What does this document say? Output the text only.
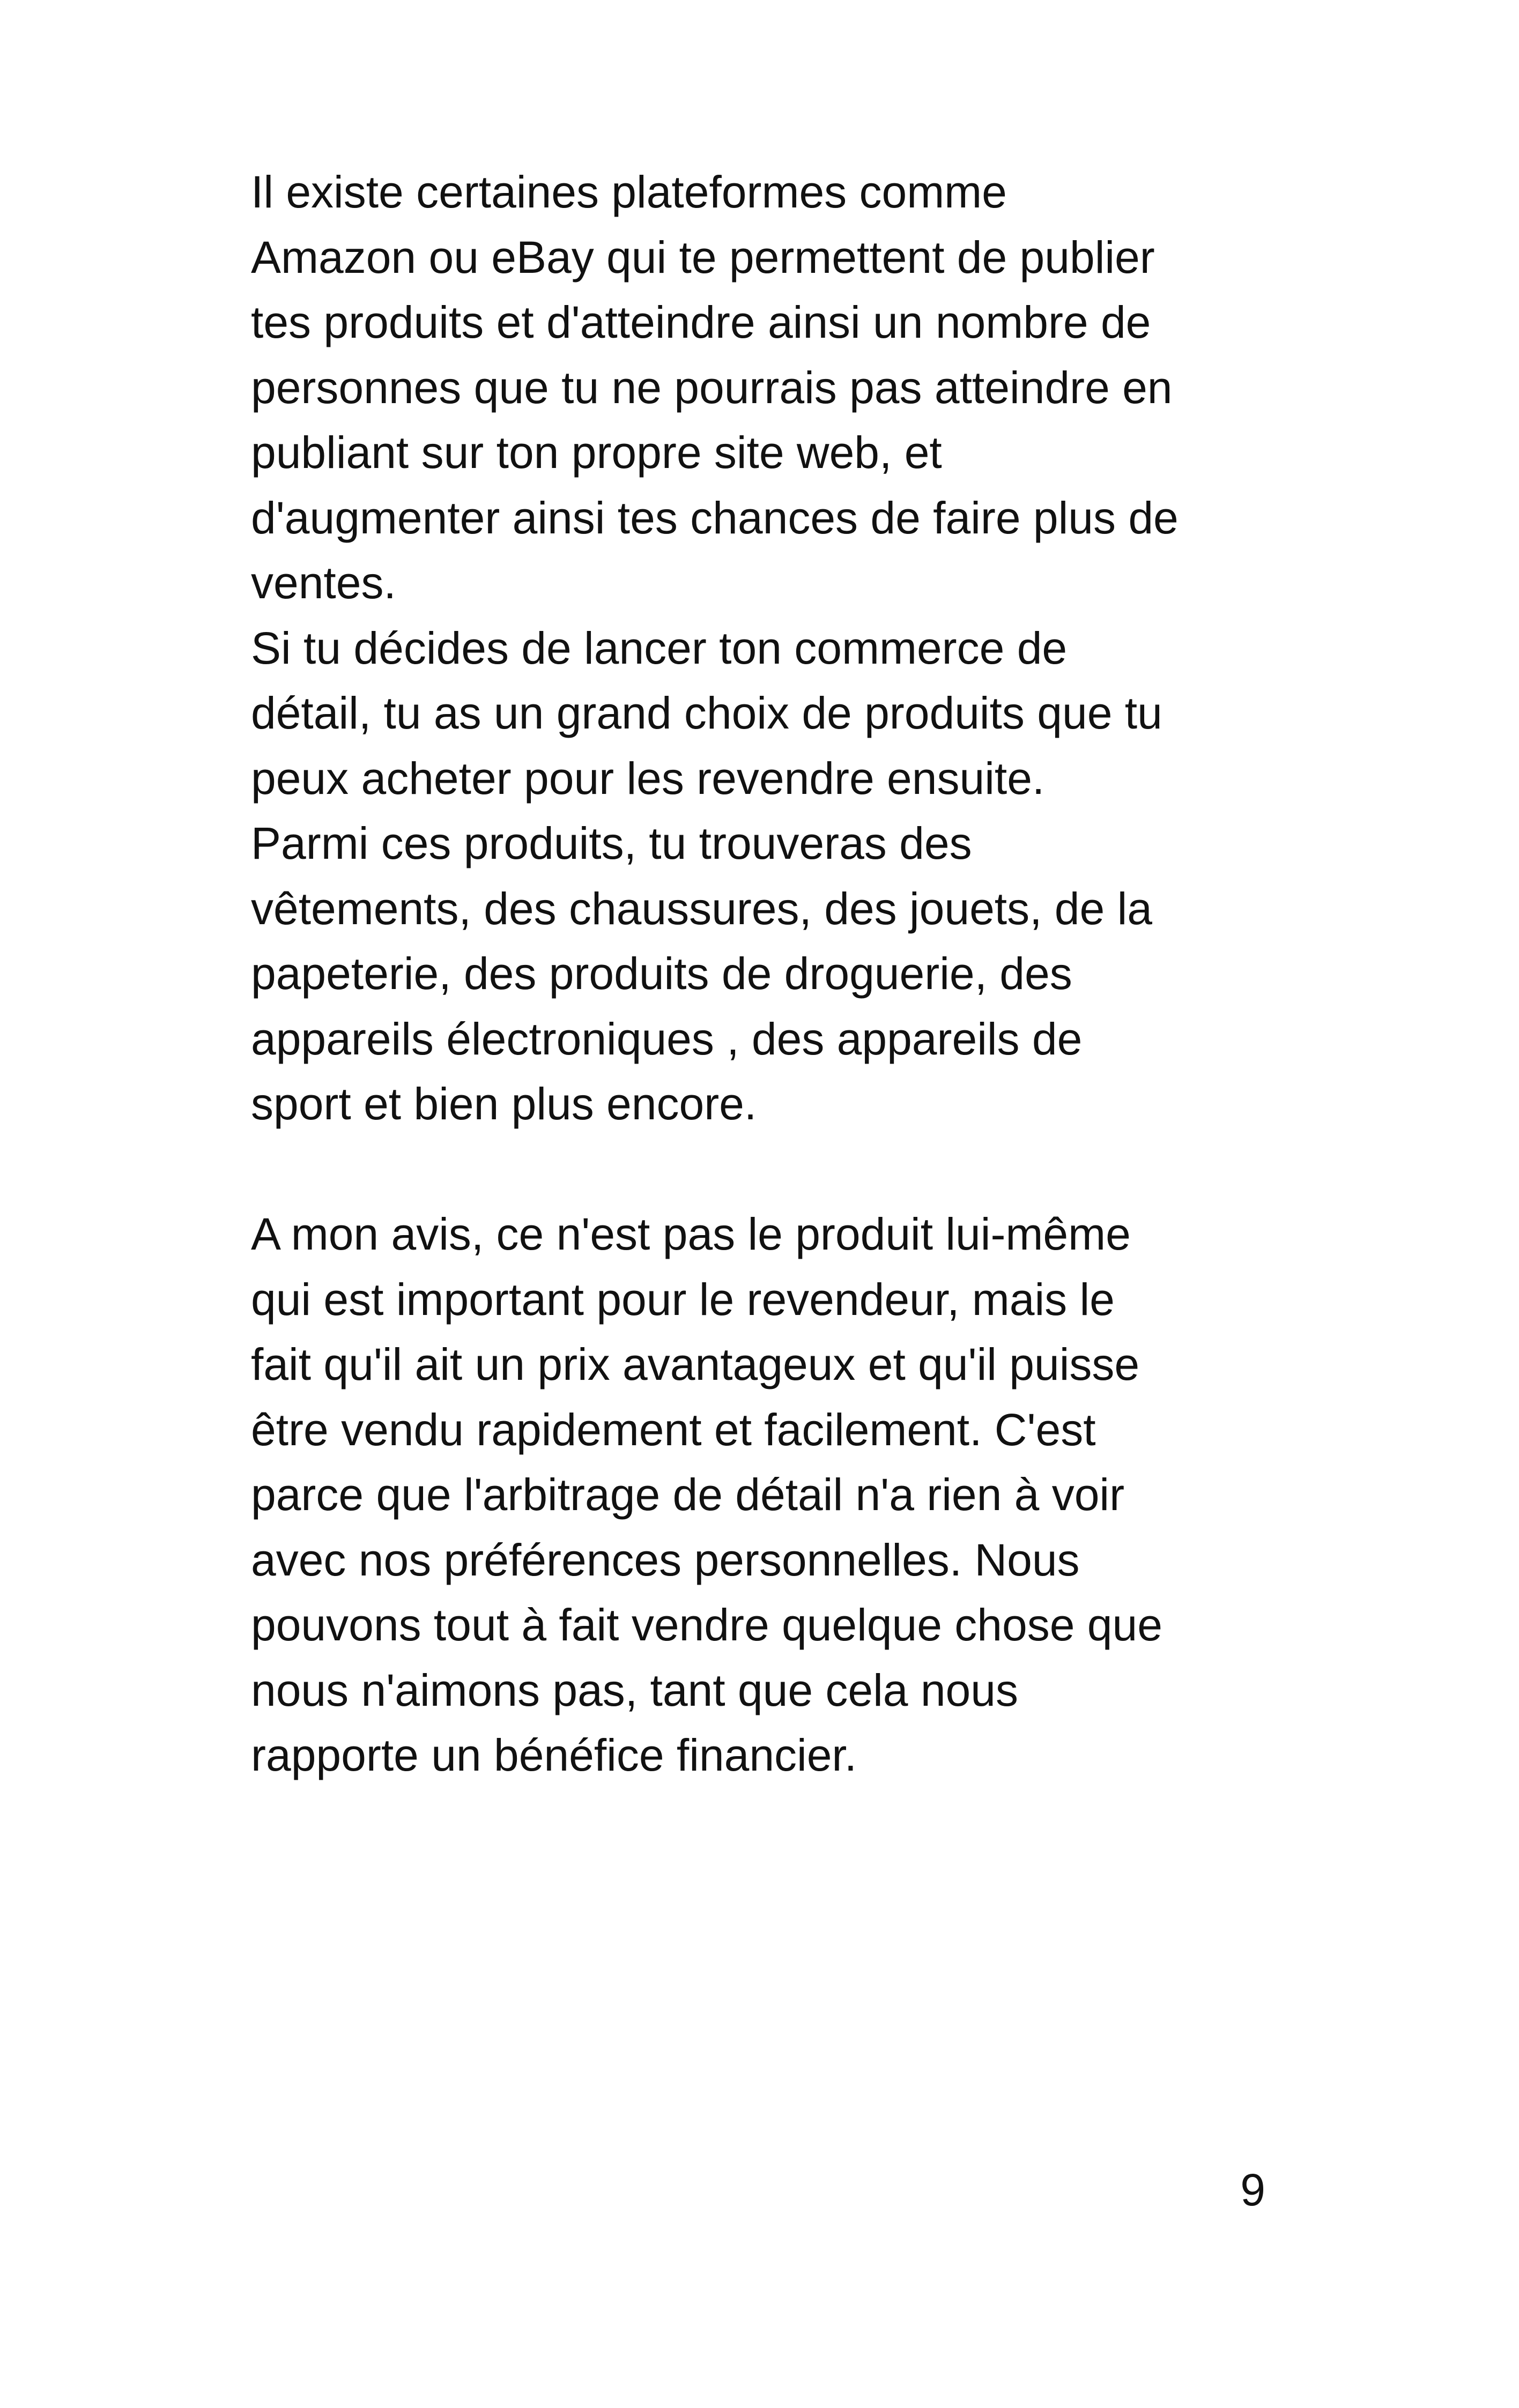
Il existe certaines plateformes comme
Amazon ou eBay qui te permettent de publier
tes produits et d'atteindre ainsi un nombre de
personnes que tu ne pourrais pas atteindre en
publiant sur ton propre site web, et
d'augmenter ainsi tes chances de faire plus de
ventes.
Si tu décides de lancer ton commerce de
détail, tu as un grand choix de produits que tu
peux acheter pour les revendre ensuite.
Parmi ces produits, tu trouveras des
vêtements, des chaussures, des jouets, de la
papeterie, des produits de droguerie, des
appareils électroniques , des appareils de
sport et bien plus encore.
A mon avis, ce n'est pas le produit lui-même
qui est important pour le revendeur, mais le
fait qu'il ait un prix avantageux et qu'il puisse
être vendu rapidement et facilement. C'est
parce que l'arbitrage de détail n'a rien à voir
avec nos préférences personnelles. Nous
pouvons tout à fait vendre quelque chose que
nous n'aimons pas, tant que cela nous
rapporte un bénéfice financier.
9
